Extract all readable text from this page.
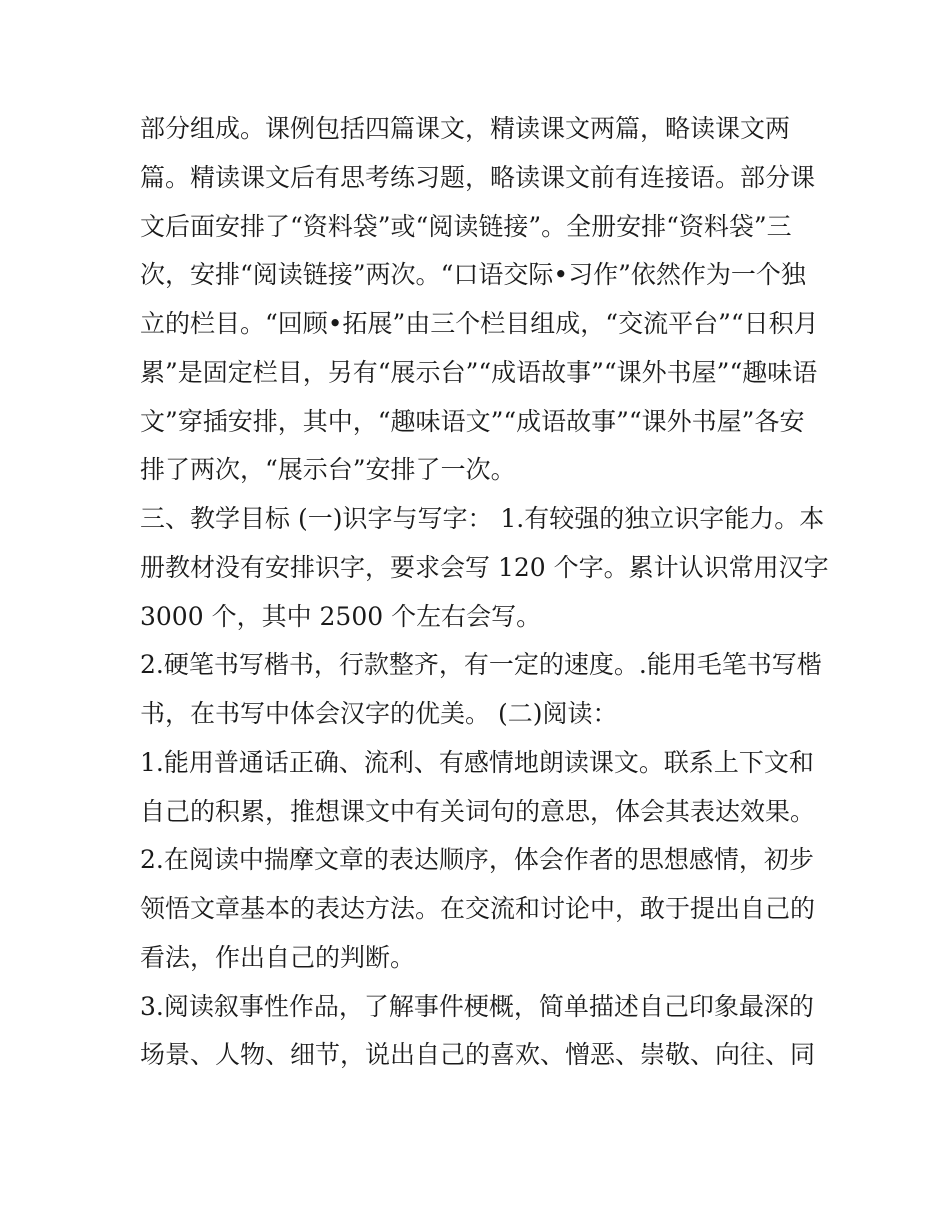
部分组成。课例包括四篇课文，精读课文两篇，略读课文两
篇。精读课文后有思考练习题，略读课文前有连接语。部分课
文后面安排了“资料袋”或“阅读链接”。全册安排“资料袋”三
次，安排“阅读链接”两次。“口语交际•习作”依然作为一个独
立的栏目。“回顾•拓展”由三个栏目组成，“交流平台”“日积月
累”是固定栏目，另有“展示台”“成语故事”“课外书屋”“趣味语
文”穿插安排，其中，“趣味语文”“成语故事”“课外书屋”各安
排了两次，“展示台”安排了一次。
三、教学目标 (一)识字与写字： 1.有较强的独立识字能力。本
册教材没有安排识字，要求会写 120 个字。累计认识常用汉字
3000 个，其中 2500 个左右会写。
2.硬笔书写楷书，行款整齐，有一定的速度。.能用毛笔书写楷
书，在书写中体会汉字的优美。 (二)阅读：
1.能用普通话正确、流利、有感情地朗读课文。联系上下文和
自己的积累，推想课文中有关词句的意思，体会其表达效果。
2.在阅读中揣摩文章的表达顺序，体会作者的思想感情，初步
领悟文章基本的表达方法。在交流和讨论中，敢于提出自己的
看法，作出自己的判断。
3.阅读叙事性作品，了解事件梗概，简单描述自己印象最深的
场景、人物、细节，说出自己的喜欢、憎恶、崇敬、向往、同
